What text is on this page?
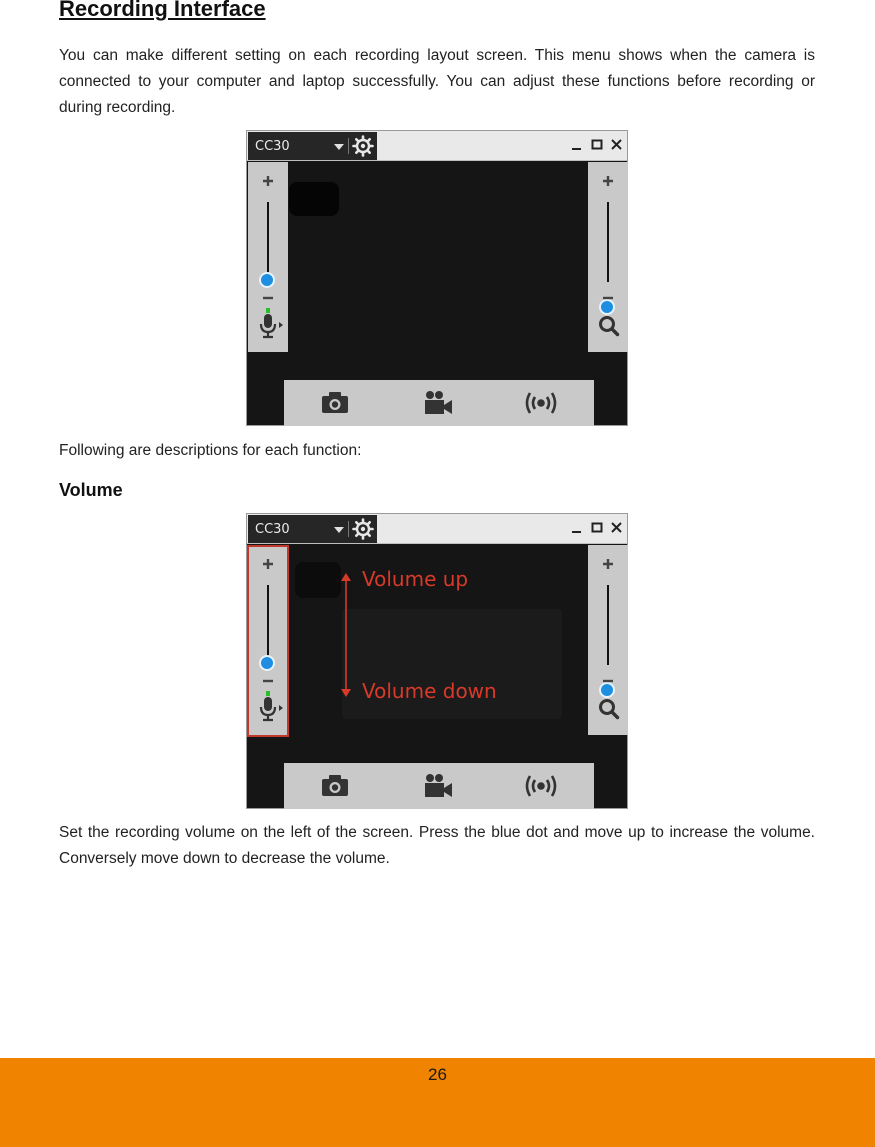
Recording Interface

You can make different setting on each recording layout screen. This menu shows when the camera is connected to your computer and laptop successfully. You can adjust these functions before recording or during recording.

CC30

Following are descriptions for each function:

Volume
CC30
Volume up
Volume down

Set the recording volume on the left of the screen. Press the blue dot and move up to increase the volume. Conversely move down to decrease the volume.

26
